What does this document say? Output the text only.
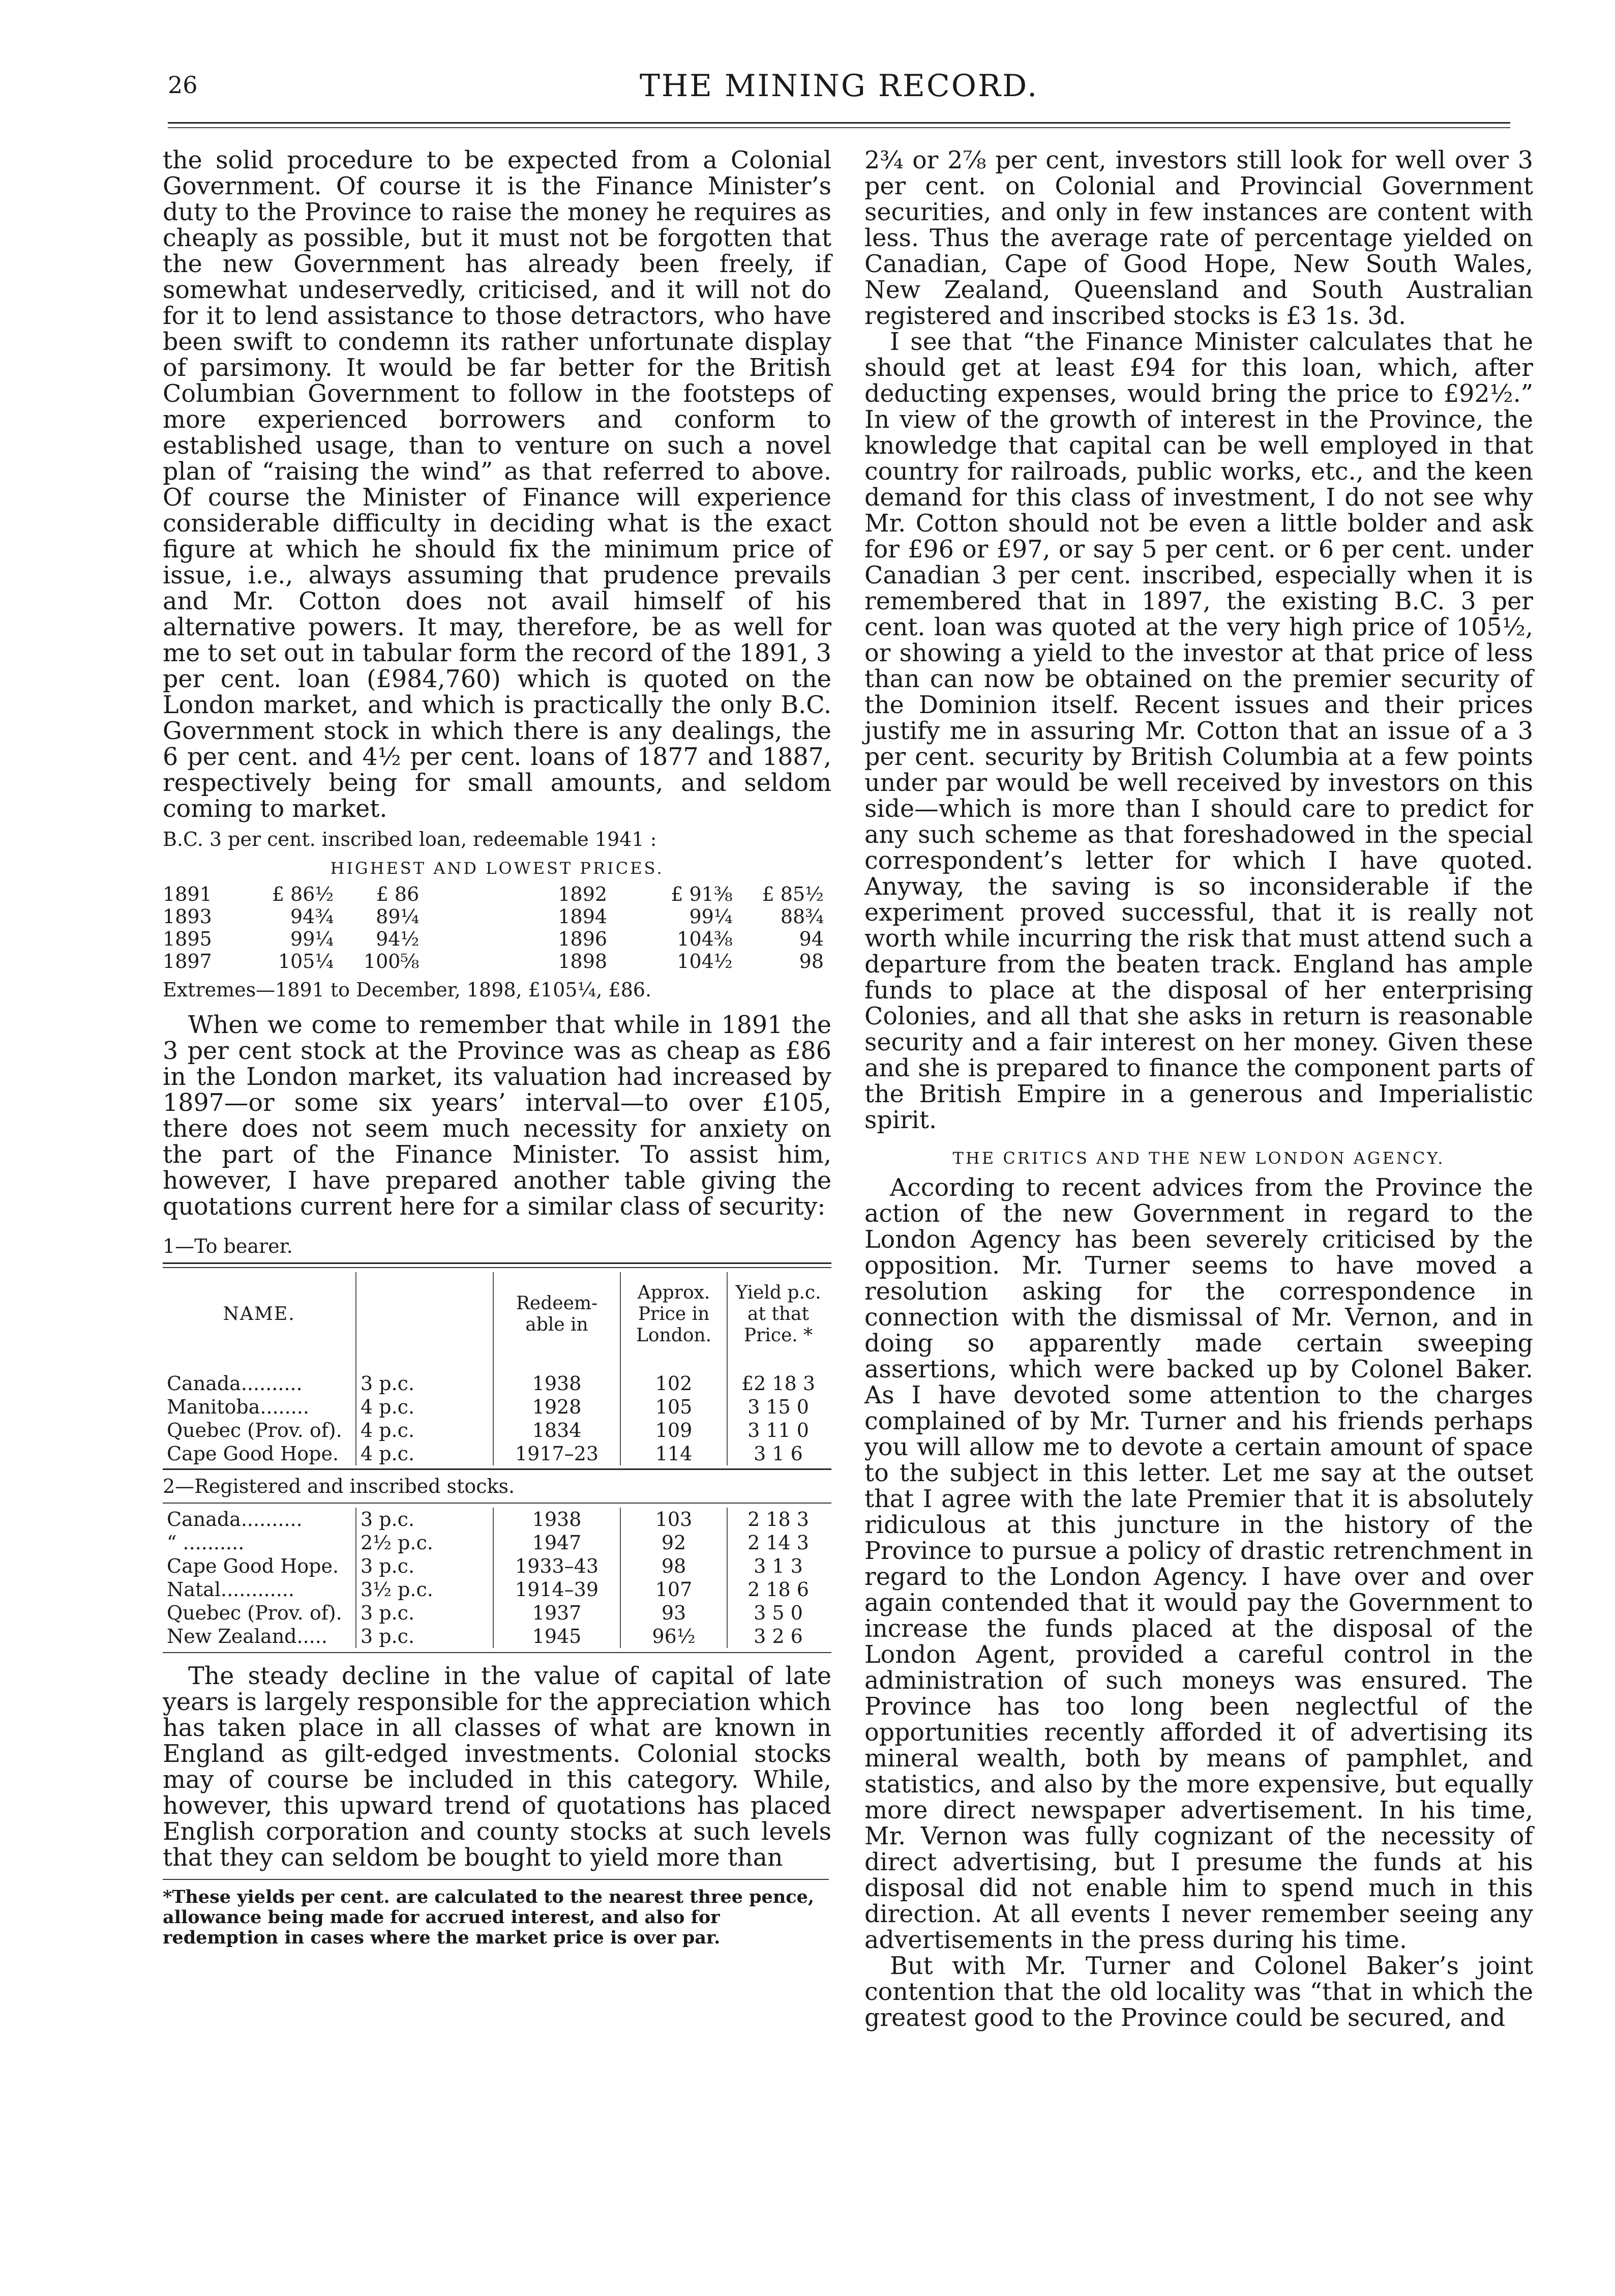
26	THE MINING RECORD.

the solid procedure to be expected from a Colonial Government. Of course it is the Finance Minister’s duty to the Province to raise the money he requires as cheaply as possible, but it must not be forgotten that the new Government has already been freely, if somewhat undeservedly, criticised, and it will not do for it to lend assistance to those detractors, who have been swift to condemn its rather unfortunate display of parsimony. It would be far better for the British Columbian Government to follow in the footsteps of more experienced borrowers and conform to established usage, than to venture on such a novel plan of “raising the wind” as that referred to above. Of course the Minister of Finance will experience considerable difficulty in deciding what is the exact figure at which he should fix the minimum price of issue, i.e., always assuming that prudence prevails and Mr. Cotton does not avail himself of his alternative powers. It may, therefore, be as well for me to set out in tabular form the record of the 1891, 3 per cent. loan (£984,760) which is quoted on the London market, and which is practically the only B.C. Government stock in which there is any dealings, the 6 per cent. and 4½ per cent. loans of 1877 and 1887, respectively being for small amounts, and seldom coming to market.

B.C. 3 per cent. inscribed loan, redeemable 1941 :
HIGHEST AND LOWEST PRICES.
1891	£ 86½	£ 86	1892	£ 91⅜	£ 85½
1893	94¾	89¼	1894	99¼	88¾
1895	99¼	94½	1896	104⅜	94
1897	105¼	100⅝	1898	104½	98
Extremes—1891 to December, 1898, £105¼, £86.

When we come to remember that while in 1891 the 3 per cent stock at the Province was as cheap as £86 in the London market, its valuation had increased by 1897—or some six years’ interval—to over £105, there does not seem much necessity for anxiety on the part of the Finance Minister. To assist him, however, I have prepared another table giving the quotations current here for a similar class of security:

1—To bearer.
NAME.		Redeem- able in	Approx. Price in London.	Yield p.c. at that Price. *
Canada..........	3 p.c.	1938	102	£2 18 3
Manitoba........	4 p.c.	1928	105	3 15 0
Quebec (Prov. of).	4 p.c.	1834	109	3 11 0
Cape Good Hope.	4 p.c.	1917–23	114	3 1 6
2—Registered and inscribed stocks.
Canada..........	3 p.c.	1938	103	2 18 3
“ ..........	2½ p.c.	1947	92	2 14 3
Cape Good Hope.	3 p.c.	1933–43	98	3 1 3
Natal............	3½ p.c.	1914–39	107	2 18 6
Quebec (Prov. of).	3 p.c.	1937	93	3 5 0
New Zealand.....	3 p.c.	1945	96½	3 2 6

The steady decline in the value of capital of late years is largely responsible for the appreciation which has taken place in all classes of what are known in England as gilt-edged investments. Colonial stocks may of course be included in this category. While, however, this upward trend of quotations has placed English corporation and county stocks at such levels that they can seldom be bought to yield more than

*These yields per cent. are calculated to the nearest three pence, allowance being made for accrued interest, and also for redemption in cases where the market price is over par.

2¾ or 2⅞ per cent, investors still look for well over 3 per cent. on Colonial and Provincial Government securities, and only in few instances are content with less. Thus the average rate of percentage yielded on Canadian, Cape of Good Hope, New South Wales, New Zealand, Queensland and South Australian registered and inscribed stocks is £3 1s. 3d.

I see that “the Finance Minister calculates that he should get at least £94 for this loan, which, after deducting expenses, would bring the price to £92½.” In view of the growth of interest in the Province, the knowledge that capital can be well employed in that country for railroads, public works, etc., and the keen demand for this class of investment, I do not see why Mr. Cotton should not be even a little bolder and ask for £96 or £97, or say 5 per cent. or 6 per cent. under Canadian 3 per cent. inscribed, especially when it is remembered that in 1897, the existing B.C. 3 per cent. loan was quoted at the very high price of 105½, or showing a yield to the investor at that price of less than can now be obtained on the premier security of the Dominion itself. Recent issues and their prices justify me in assuring Mr. Cotton that an issue of a 3 per cent. security by British Columbia at a few points under par would be well received by investors on this side—which is more than I should care to predict for any such scheme as that foreshadowed in the special correspondent’s letter for which I have quoted. Anyway, the saving is so inconsiderable if the experiment proved successful, that it is really not worth while incurring the risk that must attend such a departure from the beaten track. England has ample funds to place at the disposal of her enterprising Colonies, and all that she asks in return is reasonable security and a fair interest on her money. Given these and she is prepared to finance the component parts of the British Empire in a generous and Imperialistic spirit.

THE CRITICS AND THE NEW LONDON AGENCY.

According to recent advices from the Province the action of the new Government in regard to the London Agency has been severely criticised by the opposition. Mr. Turner seems to have moved a resolution asking for the correspondence in connection with the dismissal of Mr. Vernon, and in doing so apparently made certain sweeping assertions, which were backed up by Colonel Baker. As I have devoted some attention to the charges complained of by Mr. Turner and his friends perhaps you will allow me to devote a certain amount of space to the subject in this letter. Let me say at the outset that I agree with the late Premier that it is absolutely ridiculous at this juncture in the history of the Province to pursue a policy of drastic retrenchment in regard to the London Agency. I have over and over again contended that it would pay the Government to increase the funds placed at the disposal of the London Agent, provided a careful control in the administration of such moneys was ensured. The Province has too long been neglectful of the opportunities recently afforded it of advertising its mineral wealth, both by means of pamphlet, and statistics, and also by the more expensive, but equally more direct newspaper advertisement. In his time, Mr. Vernon was fully cognizant of the necessity of direct advertising, but I presume the funds at his disposal did not enable him to spend much in this direction. At all events I never remember seeing any advertisements in the press during his time.

But with Mr. Turner and Colonel Baker’s joint contention that the old locality was “that in which the greatest good to the Province could be secured, and
